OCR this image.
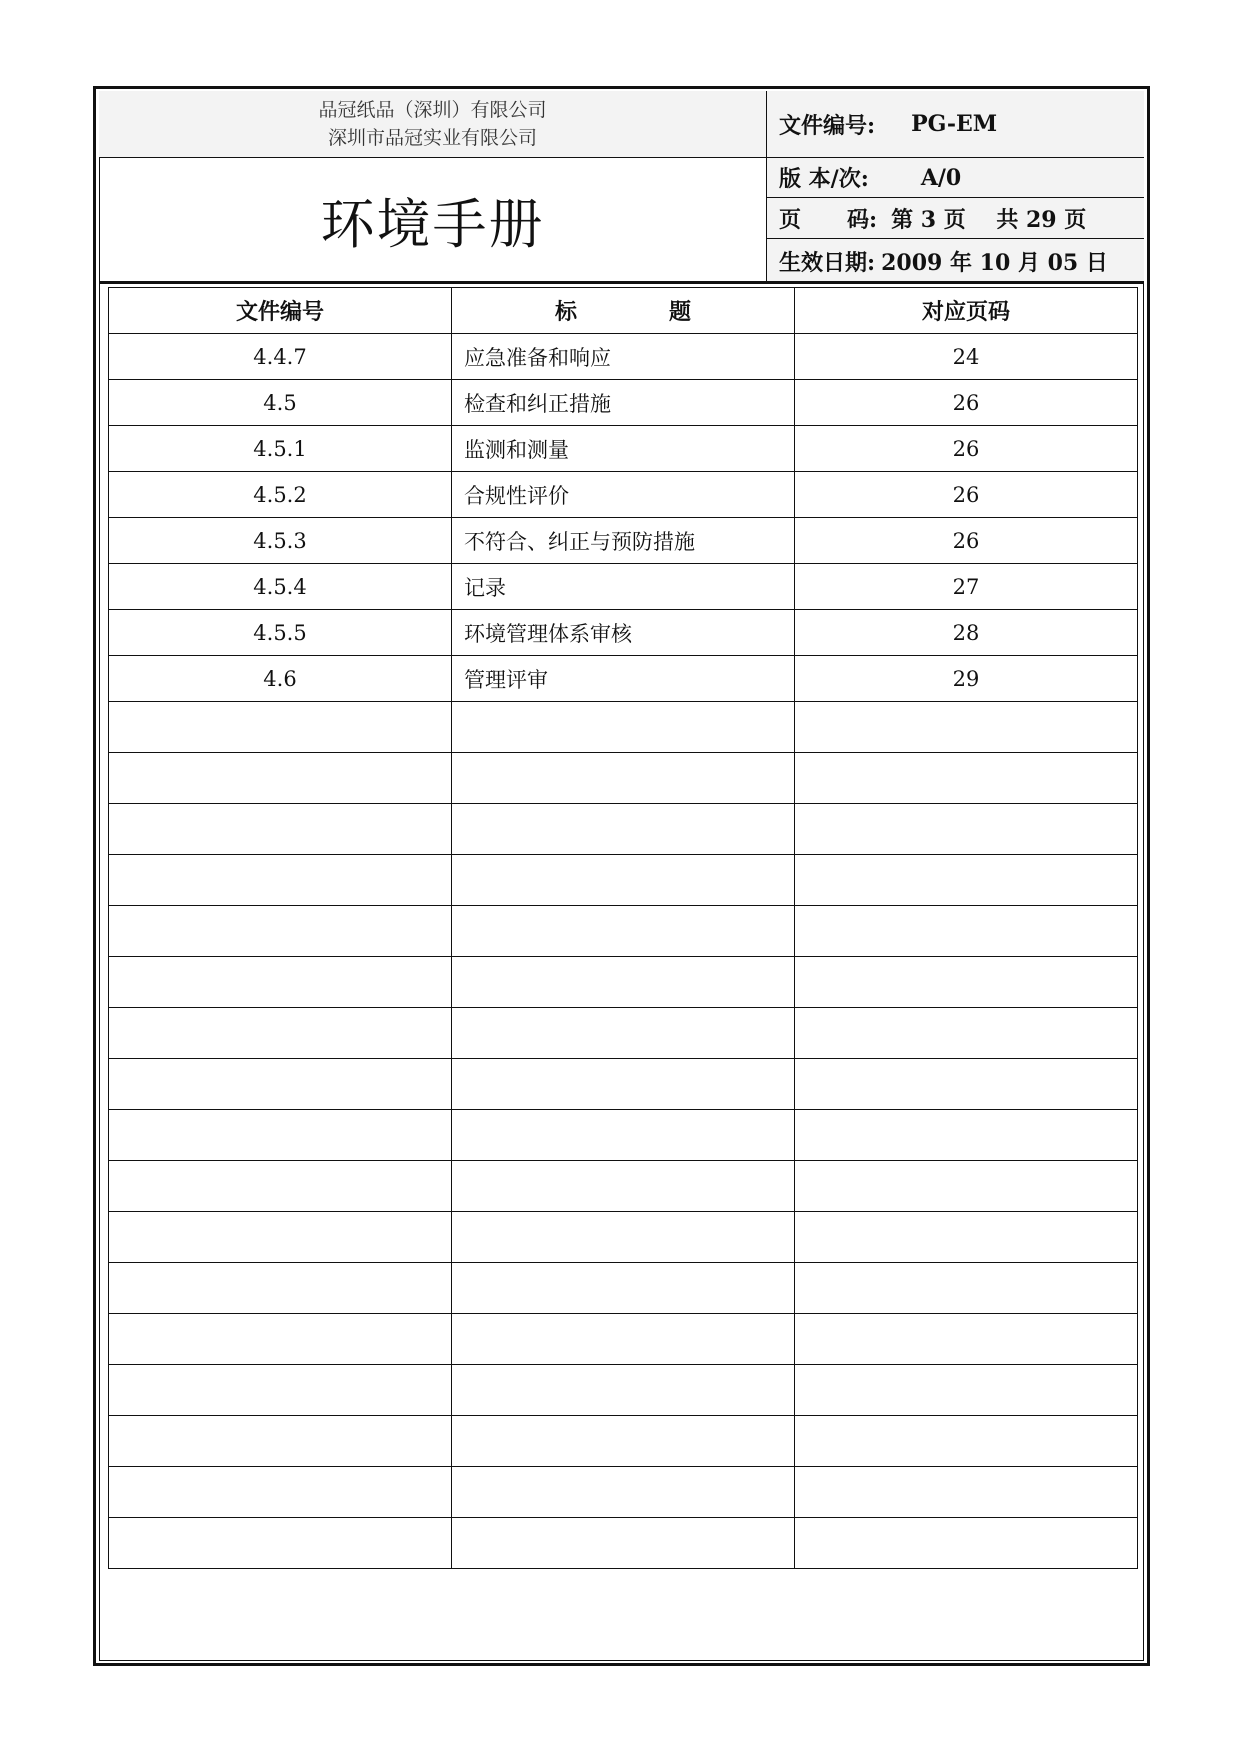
品冠纸品（深圳）有限公司
深圳市品冠实业有限公司
环境手册
文件编号: PG-EM
版 本/次: A/0
页      码: 第 3 页    共 29 页
生效日期: 2009 年 10 月 05 日
文件编号	标            题	对应页码
4.4.7	应急准备和响应	24
4.5	检查和纠正措施	26
4.5.1	监测和测量	26
4.5.2	合规性评价	26
4.5.3	不符合、纠正与预防措施	26
4.5.4	记录	27
4.5.5	环境管理体系审核	28
4.6	管理评审	29
